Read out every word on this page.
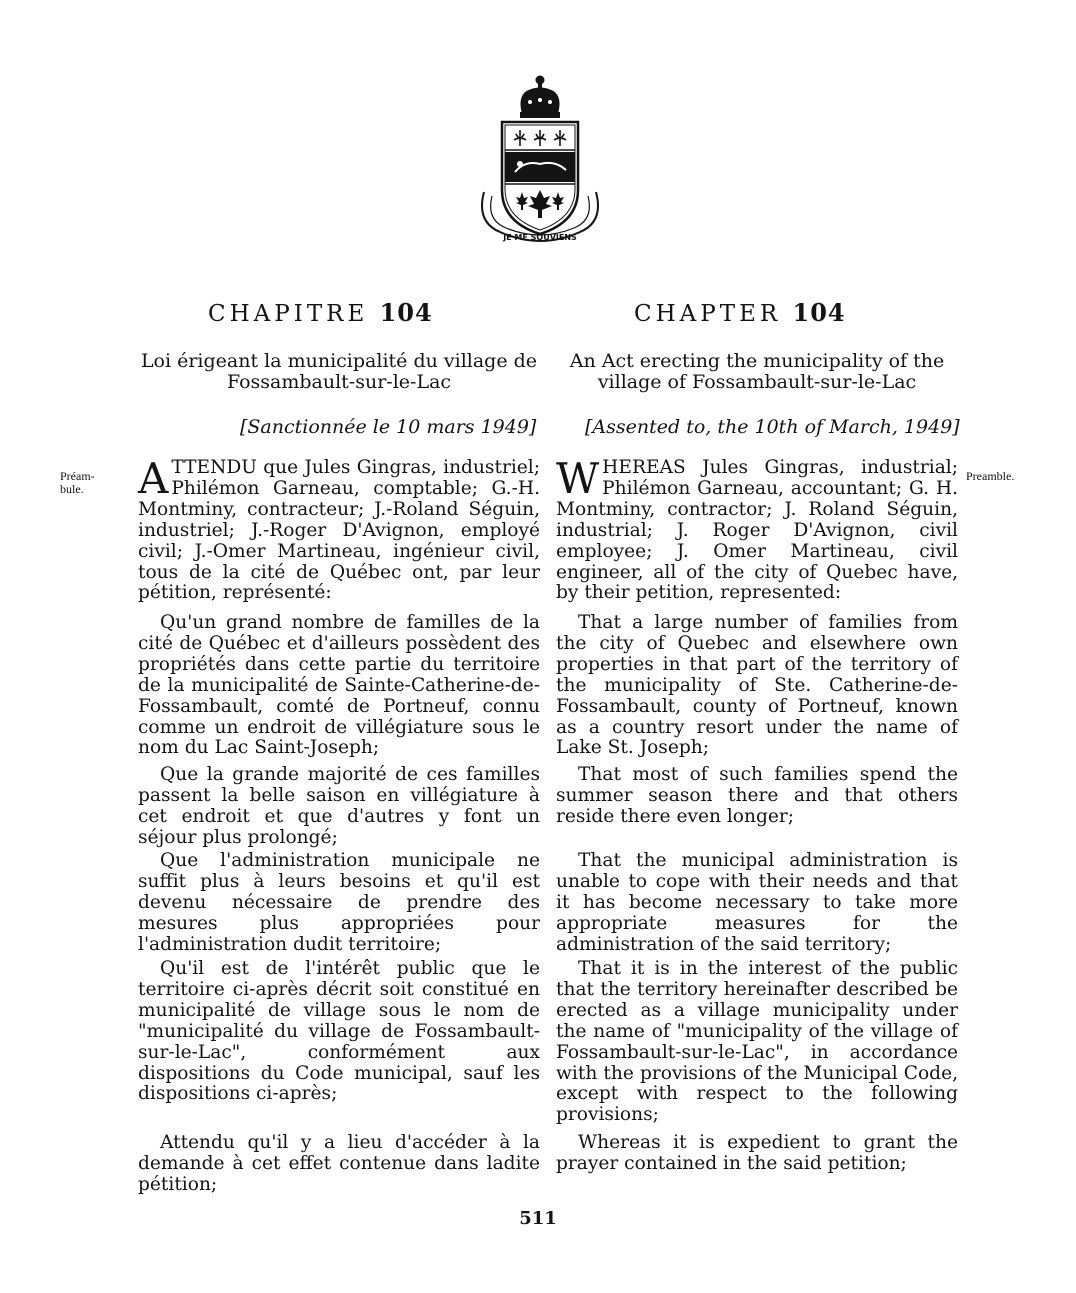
JE ME SOUVIENS
CHAPITRE 104	CHAPTER 104
Loi érigeant la municipalité du village de Fossambault-sur-le-Lac
An Act erecting the municipality of the village of Fossambault-sur-le-Lac
[Sanctionnée le 10 mars 1949]	[Assented to, the 10th of March, 1949]
Préam-
bule.
Preamble.

ATTENDU que Jules Gingras, industriel; Philémon Garneau, comptable; G.-H. Montminy, contracteur; J.-Roland Séguin, industriel; J.-Roger D'Avignon, employé civil; J.-Omer Martineau, ingénieur civil, tous de la cité de Québec ont, par leur pétition, représenté:

Qu'un grand nombre de familles de la cité de Québec et d'ailleurs possèdent des propriétés dans cette partie du territoire de la municipalité de Sainte-Catherine-de-Fossambault, comté de Portneuf, connu comme un endroit de villégiature sous le nom du Lac Saint-Joseph;

Que la grande majorité de ces familles passent la belle saison en villégiature à cet endroit et que d'autres y font un séjour plus prolongé;

Que l'administration municipale ne suffit plus à leurs besoins et qu'il est devenu nécessaire de prendre des mesures plus appropriées pour l'administration dudit territoire;

Qu'il est de l'intérêt public que le territoire ci-après décrit soit constitué en municipalité de village sous le nom de "municipalité du village de Fossambault-sur-le-Lac", conformément aux dispositions du Code municipal, sauf les dispositions ci-après;

Attendu qu'il y a lieu d'accéder à la demande à cet effet contenue dans ladite pétition;

WHEREAS Jules Gingras, industrial; Philémon Garneau, accountant; G. H. Montminy, contractor; J. Roland Séguin, industrial; J. Roger D'Avignon, civil employee; J. Omer Martineau, civil engineer, all of the city of Quebec have, by their petition, represented:

That a large number of families from the city of Quebec and elsewhere own properties in that part of the territory of the municipality of Ste. Catherine-de-Fossambault, county of Portneuf, known as a country resort under the name of Lake St. Joseph;

That most of such families spend the summer season there and that others reside there even longer;

That the municipal administration is unable to cope with their needs and that it has become necessary to take more appropriate measures for the administration of the said territory;

That it is in the interest of the public that the territory hereinafter described be erected as a village municipality under the name of "municipality of the village of Fossambault-sur-le-Lac", in accordance with the provisions of the Municipal Code, except with respect to the following provisions;

Whereas it is expedient to grant the prayer contained in the said petition;

511
